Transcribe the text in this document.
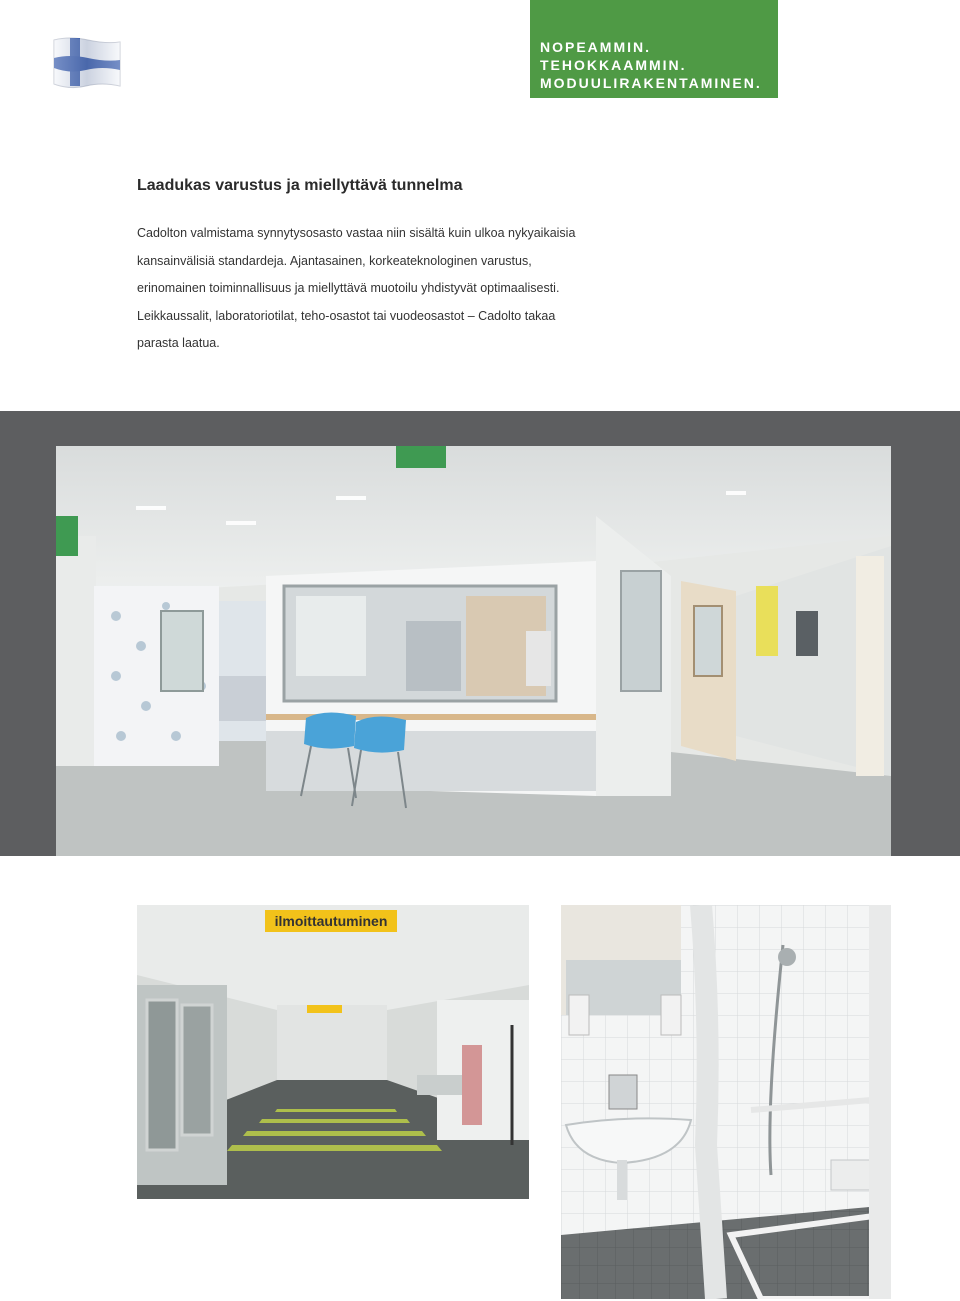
NOPEAMMIN.
TEHOKKAAMMIN.
MODUULIRAKENTAMINEN.
Laadukas varustus ja miellyttävä tunnelma

Cadolton valmistama synnytysosasto vastaa niin sisältä kuin ulkoa nykyaikaisia
kansainvälisiä standardeja. Ajantasainen, korkeateknologinen varustus,
erinomainen toiminnallisuus ja miellyttävä muotoilu yhdistyvät optimaalisesti.
Leikkaussalit, laboratoriotilat, teho-osastot tai vuodeosastot – Cadolto takaa
parasta laatua.

ilmoittautuminen
